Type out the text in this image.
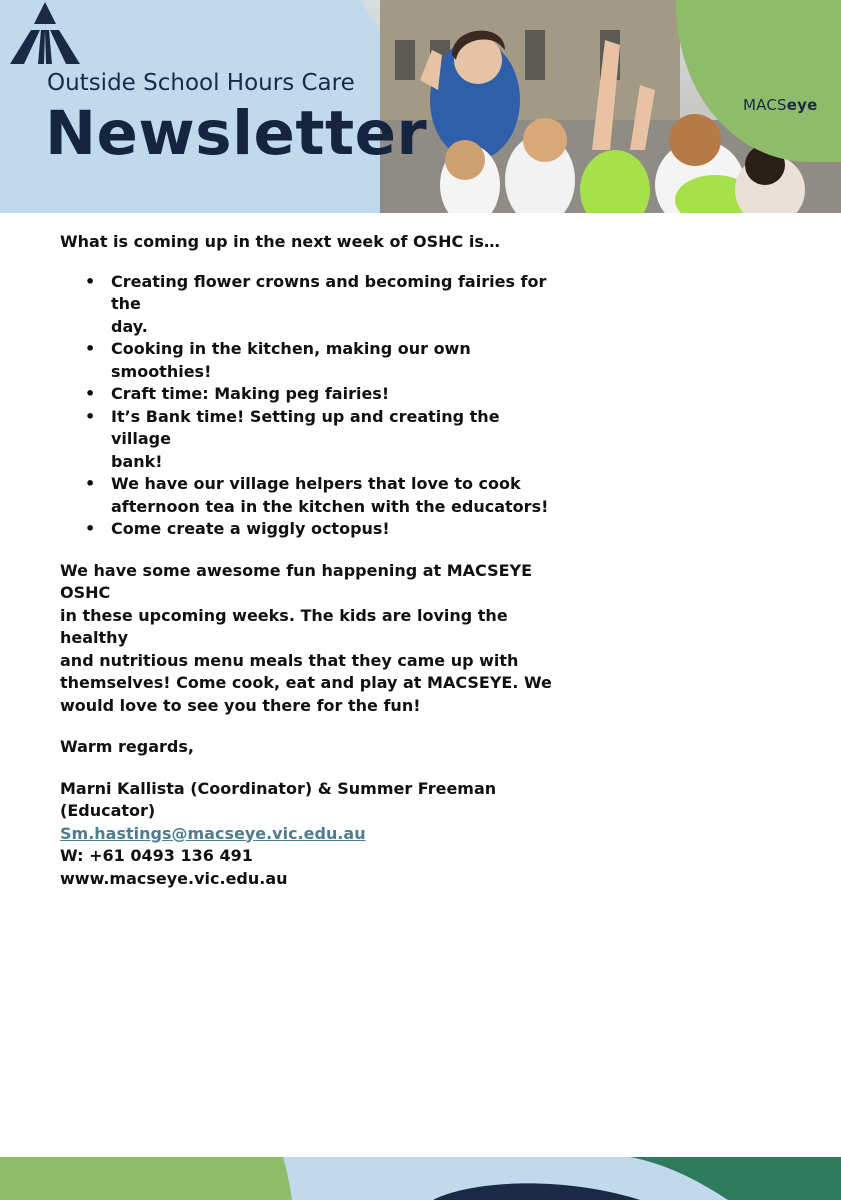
Outside School Hours Care
Newsletter	MACSeye

What is coming up in the next week of OSHC is…

• Creating flower crowns and becoming fairies for the
day.
• Cooking in the kitchen, making our own smoothies!
• Craft time: Making peg fairies!
• It’s Bank time! Setting up and creating the village
bank!
• We have our village helpers that love to cook
afternoon tea in the kitchen with the educators!
• Come create a wiggly octopus!

We have some awesome fun happening at MACSEYE OSHC
in these upcoming weeks. The kids are loving the healthy
and nutritious menu meals that they came up with
themselves! Come cook, eat and play at MACSEYE. We
would love to see you there for the fun!

Warm regards,

Marni Kallista (Coordinator) & Summer Freeman (Educator)

Sm.hastings@macseye.vic.edu.au

W: +61 0493 136 491

www.macseye.vic.edu.au
